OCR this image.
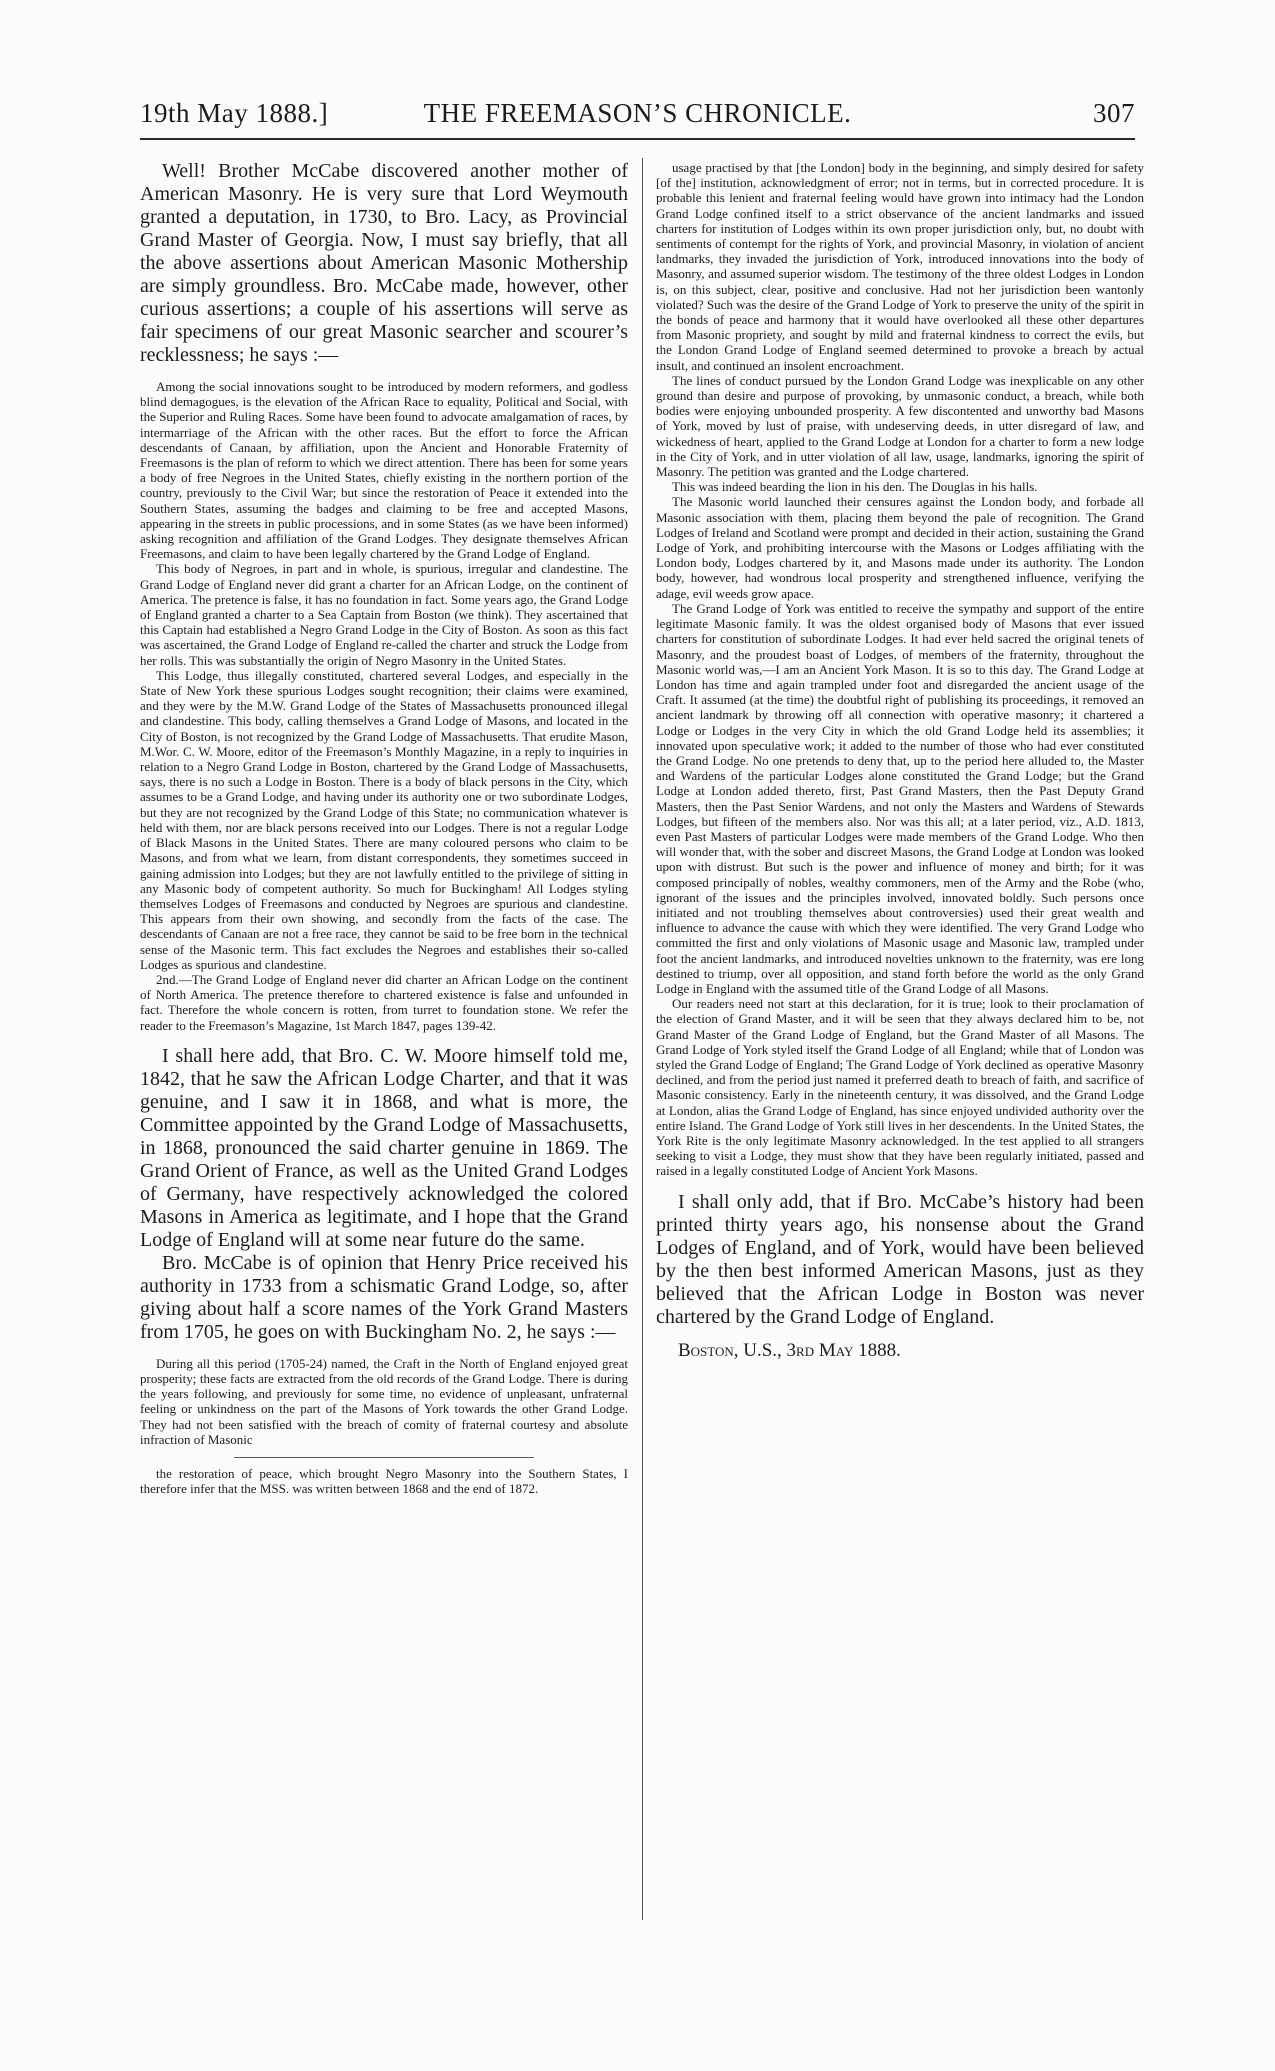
19th May 1888.]	THE FREEMASON’S CHRONICLE.	307

Well! Brother McCabe discovered another mother of American Masonry. He is very sure that Lord Weymouth granted a deputation, in 1730, to Bro. Lacy, as Provincial Grand Master of Georgia. Now, I must say briefly, that all the above assertions about American Masonic Mothership are simply groundless. Bro. McCabe made, however, other curious assertions; a couple of his assertions will serve as fair specimens of our great Masonic searcher and scourer’s recklessness; he says :—

Among the social innovations sought to be introduced by modern reformers, and godless blind demagogues, is the elevation of the African Race to equality, Political and Social, with the Superior and Ruling Races. Some have been found to advocate amalgamation of races, by intermarriage of the African with the other races. But the effort to force the African descendants of Canaan, by affiliation, upon the Ancient and Honorable Fraternity of Freemasons is the plan of reform to which we direct attention. There has been for some years a body of free Negroes in the United States, chiefly existing in the northern portion of the country, previously to the Civil War; but since the restoration of Peace it extended into the Southern States, assuming the badges and claiming to be free and accepted Masons, appearing in the streets in public processions, and in some States (as we have been informed) asking recognition and affiliation of the Grand Lodges. They designate themselves African Freemasons, and claim to have been legally chartered by the Grand Lodge of England.

This body of Negroes, in part and in whole, is spurious, irregular and clandestine. The Grand Lodge of England never did grant a charter for an African Lodge, on the continent of America. The pretence is false, it has no foundation in fact. Some years ago, the Grand Lodge of England granted a charter to a Sea Captain from Boston (we think). They ascertained that this Captain had established a Negro Grand Lodge in the City of Boston. As soon as this fact was ascertained, the Grand Lodge of England re-called the charter and struck the Lodge from her rolls. This was substantially the origin of Negro Masonry in the United States.

This Lodge, thus illegally constituted, chartered several Lodges, and especially in the State of New York these spurious Lodges sought recognition; their claims were examined, and they were by the M.W. Grand Lodge of the States of Massachusetts pronounced illegal and clandestine. This body, calling themselves a Grand Lodge of Masons, and located in the City of Boston, is not recognized by the Grand Lodge of Massachusetts. That erudite Mason, M.Wor. C. W. Moore, editor of the Freemason’s Monthly Magazine, in a reply to inquiries in relation to a Negro Grand Lodge in Boston, chartered by the Grand Lodge of Massachusetts, says, there is no such a Lodge in Boston. There is a body of black persons in the City, which assumes to be a Grand Lodge, and having under its authority one or two subordinate Lodges, but they are not recognized by the Grand Lodge of this State; no communication whatever is held with them, nor are black persons received into our Lodges. There is not a regular Lodge of Black Masons in the United States. There are many coloured persons who claim to be Masons, and from what we learn, from distant correspondents, they sometimes succeed in gaining admission into Lodges; but they are not lawfully entitled to the privilege of sitting in any Masonic body of competent authority. So much for Buckingham! All Lodges styling themselves Lodges of Freemasons and conducted by Negroes are spurious and clandestine. This appears from their own showing, and secondly from the facts of the case. The descendants of Canaan are not a free race, they cannot be said to be free born in the technical sense of the Masonic term. This fact excludes the Negroes and establishes their so-called Lodges as spurious and clandestine.

2nd.—The Grand Lodge of England never did charter an African Lodge on the continent of North America. The pretence therefore to chartered existence is false and unfounded in fact. Therefore the whole concern is rotten, from turret to foundation stone. We refer the reader to the Freemason’s Magazine, 1st March 1847, pages 139-42.

I shall here add, that Bro. C. W. Moore himself told me, 1842, that he saw the African Lodge Charter, and that it was genuine, and I saw it in 1868, and what is more, the Committee appointed by the Grand Lodge of Massachusetts, in 1868, pronounced the said charter genuine in 1869. The Grand Orient of France, as well as the United Grand Lodges of Germany, have respectively acknowledged the colored Masons in America as legitimate, and I hope that the Grand Lodge of England will at some near future do the same.

Bro. McCabe is of opinion that Henry Price received his authority in 1733 from a schismatic Grand Lodge, so, after giving about half a score names of the York Grand Masters from 1705, he goes on with Buckingham No. 2, he says :—

During all this period (1705-24) named, the Craft in the North of England enjoyed great prosperity; these facts are extracted from the old records of the Grand Lodge. There is during the years following, and previously for some time, no evidence of unpleasant, unfraternal feeling or unkindness on the part of the Masons of York towards the other Grand Lodge. They had not been satisfied with the breach of comity of fraternal courtesy and absolute infraction of Masonic

the restoration of peace, which brought Negro Masonry into the Southern States, I therefore infer that the MSS. was written between 1868 and the end of 1872.

usage practised by that [the London] body in the beginning, and simply desired for safety [of the] institution, acknowledgment of error; not in terms, but in corrected procedure. It is probable this lenient and fraternal feeling would have grown into intimacy had the London Grand Lodge confined itself to a strict observance of the ancient landmarks and issued charters for institution of Lodges within its own proper jurisdiction only, but, no doubt with sentiments of contempt for the rights of York, and provincial Masonry, in violation of ancient landmarks, they invaded the jurisdiction of York, introduced innovations into the body of Masonry, and assumed superior wisdom. The testimony of the three oldest Lodges in London is, on this subject, clear, positive and conclusive. Had not her jurisdiction been wantonly violated? Such was the desire of the Grand Lodge of York to preserve the unity of the spirit in the bonds of peace and harmony that it would have overlooked all these other departures from Masonic propriety, and sought by mild and fraternal kindness to correct the evils, but the London Grand Lodge of England seemed determined to provoke a breach by actual insult, and continued an insolent encroachment.

The lines of conduct pursued by the London Grand Lodge was inexplicable on any other ground than desire and purpose of provoking, by unmasonic conduct, a breach, while both bodies were enjoying unbounded prosperity. A few discontented and unworthy bad Masons of York, moved by lust of praise, with undeserving deeds, in utter disregard of law, and wickedness of heart, applied to the Grand Lodge at London for a charter to form a new lodge in the City of York, and in utter violation of all law, usage, landmarks, ignoring the spirit of Masonry. The petition was granted and the Lodge chartered.

This was indeed bearding the lion in his den. The Douglas in his halls.

The Masonic world launched their censures against the London body, and forbade all Masonic association with them, placing them beyond the pale of recognition. The Grand Lodges of Ireland and Scotland were prompt and decided in their action, sustaining the Grand Lodge of York, and prohibiting intercourse with the Masons or Lodges affiliating with the London body, Lodges chartered by it, and Masons made under its authority. The London body, however, had wondrous local prosperity and strengthened influence, verifying the adage, evil weeds grow apace.

The Grand Lodge of York was entitled to receive the sympathy and support of the entire legitimate Masonic family. It was the oldest organised body of Masons that ever issued charters for constitution of subordinate Lodges. It had ever held sacred the original tenets of Masonry, and the proudest boast of Lodges, of members of the fraternity, throughout the Masonic world was,—I am an Ancient York Mason. It is so to this day. The Grand Lodge at London has time and again trampled under foot and disregarded the ancient usage of the Craft. It assumed (at the time) the doubtful right of publishing its proceedings, it removed an ancient landmark by throwing off all connection with operative masonry; it chartered a Lodge or Lodges in the very City in which the old Grand Lodge held its assemblies; it innovated upon speculative work; it added to the number of those who had ever constituted the Grand Lodge. No one pretends to deny that, up to the period here alluded to, the Master and Wardens of the particular Lodges alone constituted the Grand Lodge; but the Grand Lodge at London added thereto, first, Past Grand Masters, then the Past Deputy Grand Masters, then the Past Senior Wardens, and not only the Masters and Wardens of Stewards Lodges, but fifteen of the members also. Nor was this all; at a later period, viz., A.D. 1813, even Past Masters of particular Lodges were made members of the Grand Lodge. Who then will wonder that, with the sober and discreet Masons, the Grand Lodge at London was looked upon with distrust. But such is the power and influence of money and birth; for it was composed principally of nobles, wealthy commoners, men of the Army and the Robe (who, ignorant of the issues and the principles involved, innovated boldly. Such persons once initiated and not troubling themselves about controversies) used their great wealth and influence to advance the cause with which they were identified. The very Grand Lodge who committed the first and only violations of Masonic usage and Masonic law, trampled under foot the ancient landmarks, and introduced novelties unknown to the fraternity, was ere long destined to triump, over all opposition, and stand forth before the world as the only Grand Lodge in England with the assumed title of the Grand Lodge of all Masons.

Our readers need not start at this declaration, for it is true; look to their proclamation of the election of Grand Master, and it will be seen that they always declared him to be, not Grand Master of the Grand Lodge of England, but the Grand Master of all Masons. The Grand Lodge of York styled itself the Grand Lodge of all England; while that of London was styled the Grand Lodge of England; The Grand Lodge of York declined as operative Masonry declined, and from the period just named it preferred death to breach of faith, and sacrifice of Masonic consistency. Early in the nineteenth century, it was dissolved, and the Grand Lodge at London, alias the Grand Lodge of England, has since enjoyed undivided authority over the entire Island. The Grand Lodge of York still lives in her descendents. In the United States, the York Rite is the only legitimate Masonry acknowledged. In the test applied to all strangers seeking to visit a Lodge, they must show that they have been regularly initiated, passed and raised in a legally constituted Lodge of Ancient York Masons.

I shall only add, that if Bro. McCabe’s history had been printed thirty years ago, his nonsense about the Grand Lodges of England, and of York, would have been believed by the then best informed American Masons, just as they believed that the African Lodge in Boston was never chartered by the Grand Lodge of England.

Boston, U.S., 3rd May 1888.
